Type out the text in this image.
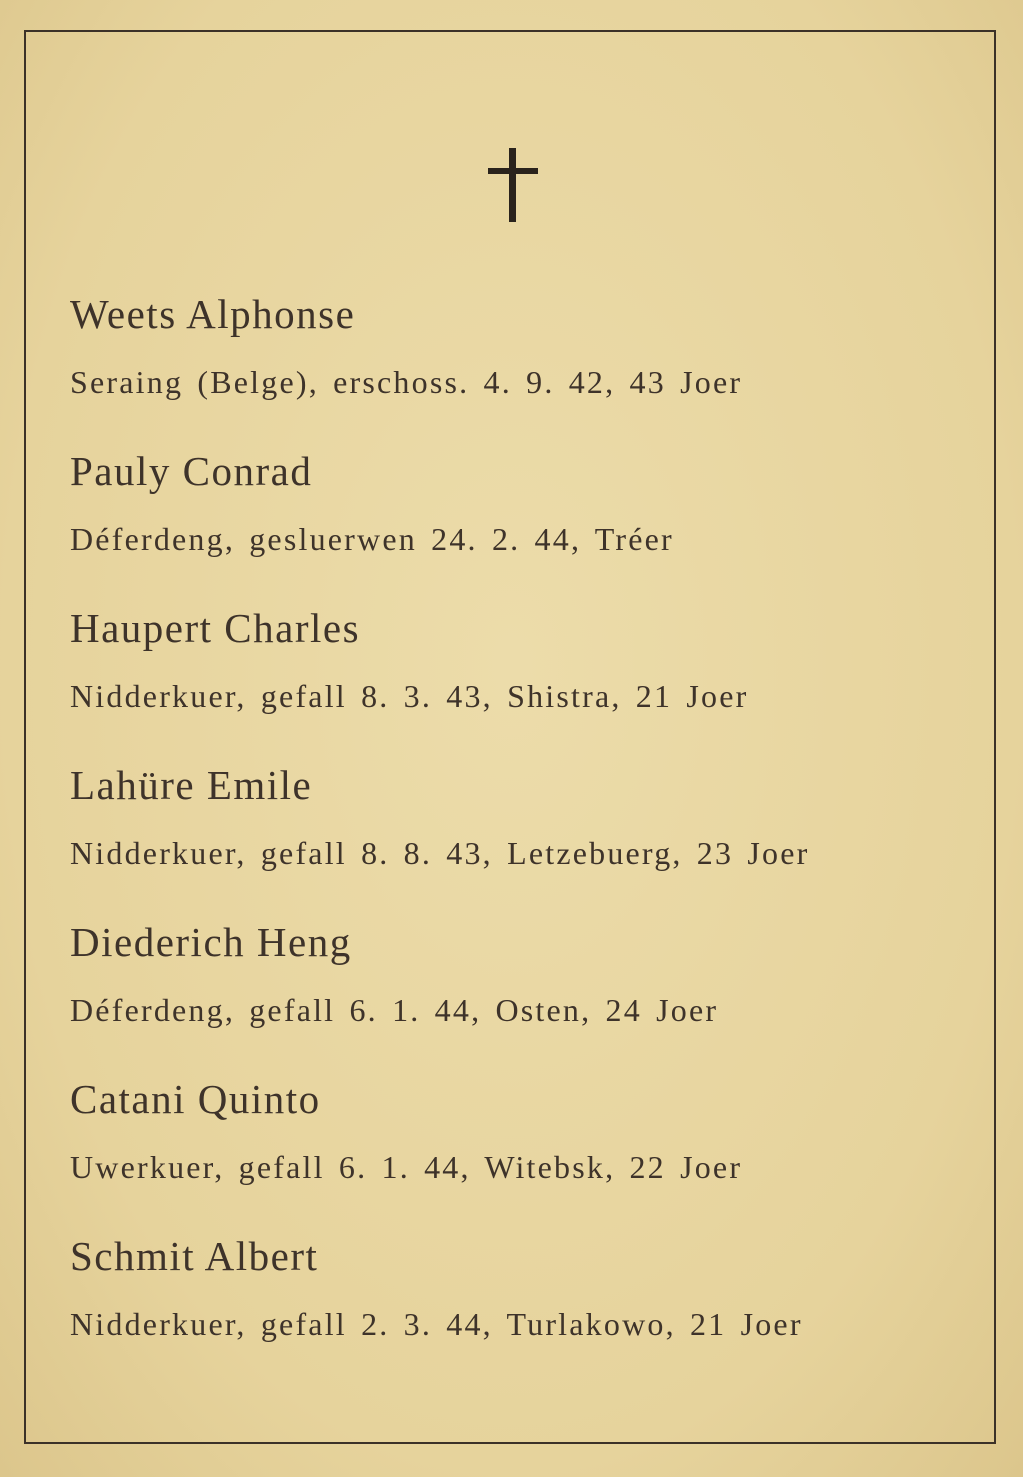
Weets Alphonse
Seraing (Belge), erschoss. 4. 9. 42, 43 Joer
Pauly Conrad
Déferdeng, gesluerwen 24. 2. 44, Tréer
Haupert Charles
Nidderkuer, gefall 8. 3. 43, Shistra, 21 Joer
Lahüre Emile
Nidderkuer, gefall 8. 8. 43, Letzebuerg, 23 Joer
Diederich Heng
Déferdeng, gefall 6. 1. 44, Osten, 24 Joer
Catani Quinto
Uwerkuer, gefall 6. 1. 44, Witebsk, 22 Joer
Schmit Albert
Nidderkuer, gefall 2. 3. 44, Turlakowo, 21 Joer
